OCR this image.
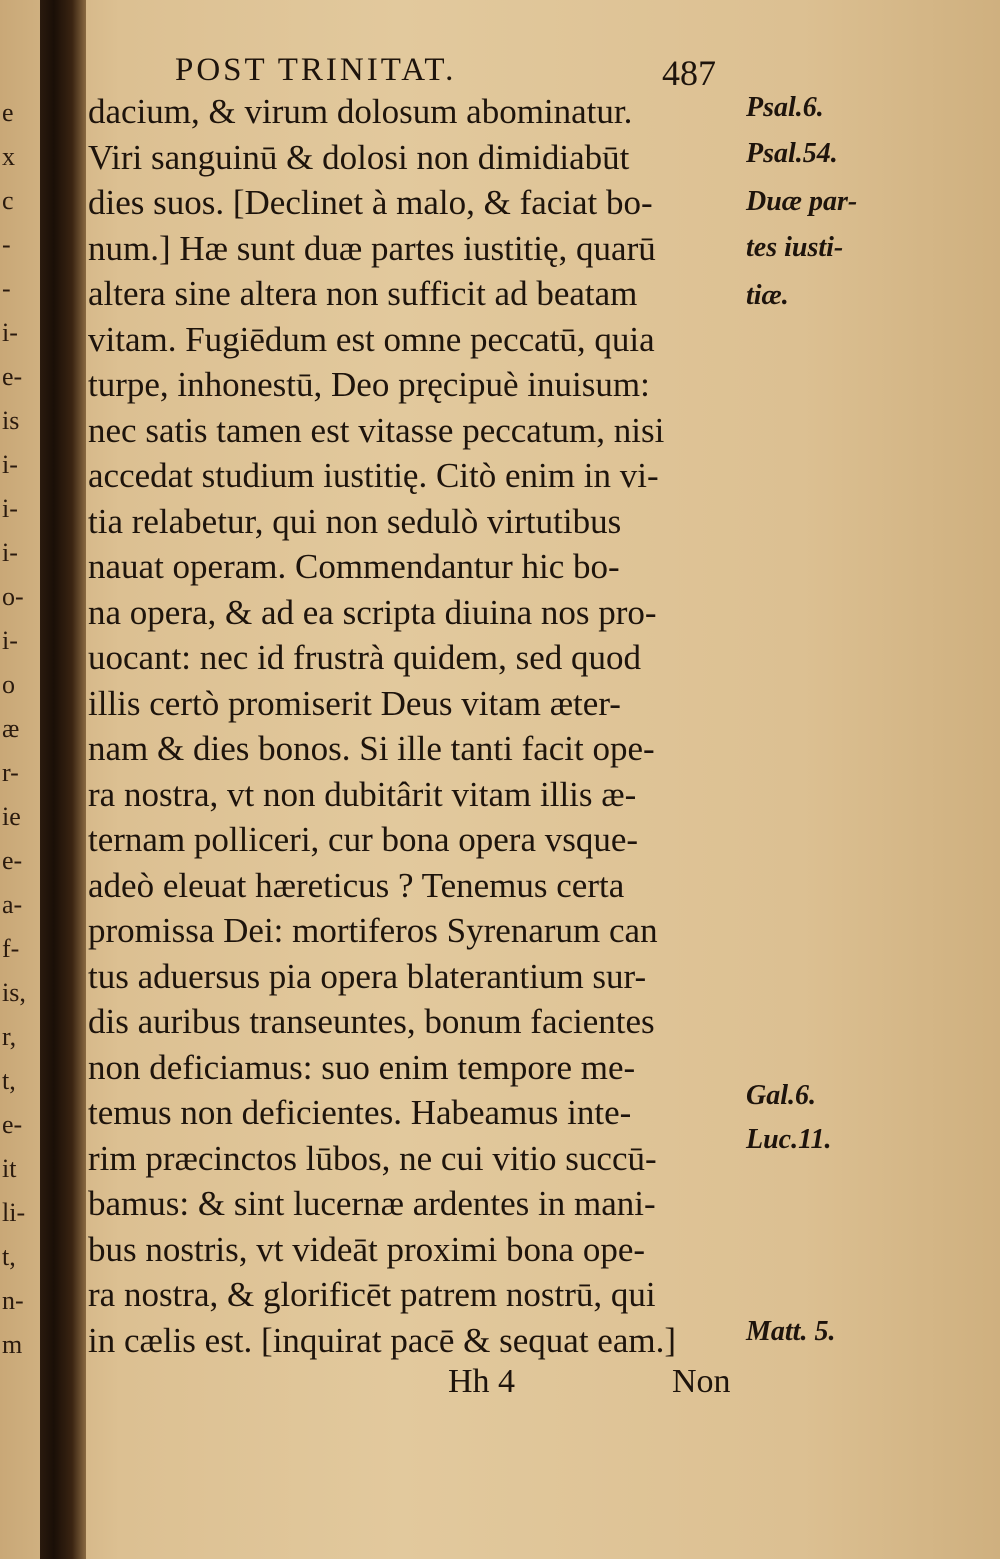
e
x
c
-
-
i-
e-
is
i-
i-
i-
o-
i-
o
æ
r-
ie
e-
a-
f-
is,
r,
t,
e-
it
li-
t,
n-
m
POST TRINITAT.	487
dacium, & virum dolosum abominatur.
Viri sanguinū & dolosi non dimidiabūt
dies suos. [Declinet à malo, & faciat bo-
num.] Hæ sunt duæ partes iustitię, quarū
altera sine altera non sufficit ad beatam
vitam. Fugiēdum est omne peccatū, quia
turpe, inhonestū, Deo pręcipuè inuisum:
nec satis tamen est vitasse peccatum, nisi
accedat studium iustitię. Citò enim in vi-
tia relabetur, qui non sedulò virtutibus
nauat operam. Commendantur hic bo-
na opera, & ad ea scripta diuina nos pro-
uocant: nec id frustrà quidem, sed quod
illis certò promiserit Deus vitam æter-
nam & dies bonos. Si ille tanti facit ope-
ra nostra, vt non dubitârit vitam illis æ-
ternam polliceri, cur bona opera vsque-
adeò eleuat hæreticus ? Tenemus certa
promissa Dei: mortiferos Syrenarum can
tus aduersus pia opera blaterantium sur-
dis auribus transeuntes, bonum facientes
non deficiamus: suo enim tempore me-
temus non deficientes. Habeamus inte-
rim præcinctos lūbos, ne cui vitio succū-
bamus: & sint lucernæ ardentes in mani-
bus nostris, vt videāt proximi bona ope-
ra nostra, & glorificēt patrem nostrū, qui
in cælis est. [inquirat pacē & sequat eam.]
Psal.6.
Psal.54.
Duæ par-
tes iusti-
tiæ.
Gal.6.
Luc.11.
Matt. 5.
Hh 4	Non
